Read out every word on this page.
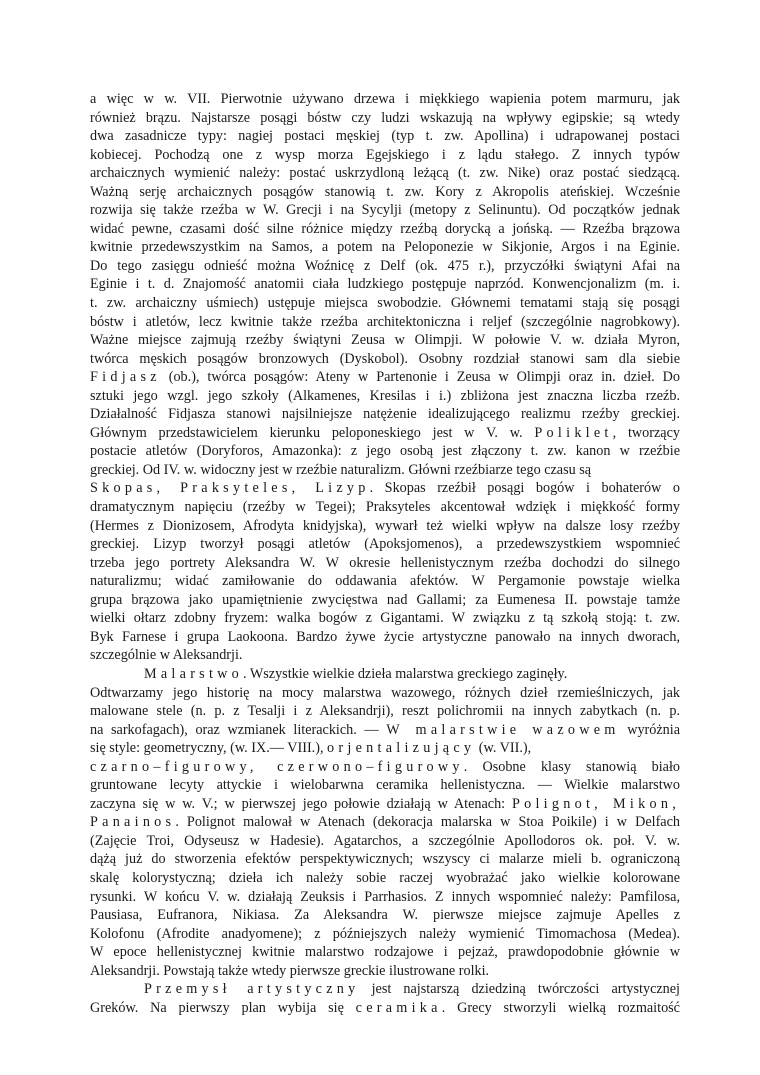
a więc w w. VII. Pierwotnie używano drzewa i miękkiego wapienia potem marmuru, jak
również brązu. Najstarsze posągi bóstw czy ludzi wskazują na wpływy egipskie; są wtedy
dwa zasadnicze typy: nagiej postaci męskiej (typ t. zw. Apollina) i udrapowanej postaci
kobiecej. Pochodzą one z wysp morza Egejskiego i z lądu stałego. Z innych typów
archaicznych wymienić należy: postać uskrzydloną leżącą (t. zw. Nike) oraz postać siedzącą.
Ważną serję archaicznych posągów stanowią t. zw. Kory z Akropolis ateńskiej. Wcześnie
rozwija się także rzeźba w W. Grecji i na Sycylji (metopy z Selinuntu). Od początków jednak
widać pewne, czasami dość silne różnice między rzeźbą dorycką a jońską. — Rzeźba brązowa
kwitnie przedewszystkim na Samos, a potem na Peloponezie w Sikjonie, Argos i na Eginie.
Do tego zasięgu odnieść można Woźnicę z Delf (ok. 475 r.), przyczółki świątyni Afai na
Eginie i t. d. Znajomość anatomii ciała ludzkiego postępuje naprzód. Konwencjonalizm (m. i.
t. zw. archaiczny uśmiech) ustępuje miejsca swobodzie. Głównemi tematami stają się posągi
bóstw i atletów, lecz kwitnie także rzeźba architektoniczna i reljef (szczególnie nagrobkowy).
Ważne miejsce zajmują rzeźby świątyni Zeusa w Olimpji. W połowie V. w. działa Myron,
twórca męskich posągów bronzowych (Dyskobol). Osobny rozdział stanowi sam dla siebie
Fidjasz (ob.), twórca posągów: Ateny w Partenonie i Zeusa w Olimpji oraz in. dzieł. Do
sztuki jego wzgl. jego szkoły (Alkamenes, Kresilas i i.) zbliżona jest znaczna liczba rzeźb.
Działalność Fidjasza stanowi najsilniejsze natężenie idealizującego realizmu rzeźby greckiej.
Głównym przedstawicielem kierunku peloponeskiego jest w V. w. Poliklet, tworzący
postacie atletów (Doryforos, Amazonka): z jego osobą jest złączony t. zw. kanon w rzeźbie
greckiej. Od IV. w. widoczny jest w rzeźbie naturalizm. Główni rzeźbiarze tego czasu są
Skopas, Praksyteles, Lizyp. Skopas rzeźbił posągi bogów i bohaterów o
dramatycznym napięciu (rzeźby w Tegei); Praksyteles akcentował wdzięk i miękkość formy
(Hermes z Dionizosem, Afrodyta knidyjska), wywarł też wielki wpływ na dalsze losy rzeźby
greckiej. Lizyp tworzył posągi atletów (Apoksjomenos), a przedewszystkiem wspomnieć
trzeba jego portrety Aleksandra W. W okresie hellenistycznym rzeźba dochodzi do silnego
naturalizmu; widać zamiłowanie do oddawania afektów. W Pergamonie powstaje wielka
grupa brązowa jako upamiętnienie zwycięstwa nad Gallami; za Eumenesa II. powstaje tamże
wielki ołtarz zdobny fryzem: walka bogów z Gigantami. W związku z tą szkołą stoją: t. zw.
Byk Farnese i grupa Laokoona. Bardzo żywe życie artystyczne panowało na innych dworach,
szczególnie w Aleksandrji.
Malarstwo. Wszystkie wielkie dzieła malarstwa greckiego zaginęły.
Odtwarzamy jego historię na mocy malarstwa wazowego, różnych dzieł rzemieślniczych, jak
malowane stele (n. p. z Tesalji i z Aleksandrji), reszt polichromii na innych zabytkach (n. p.
na sarkofagach), oraz wzmianek literackich. — W malarstwie wazowem wyróżnia
się style: geometryczny, (w. IX.— VIII.), orjentalizujący (w. VII.),
czarno–figurowy, czerwono–figurowy. Osobne klasy stanowią biało
gruntowane lecyty attyckie i wielobarwna ceramika hellenistyczna. — Wielkie malarstwo
zaczyna się w w. V.; w pierwszej jego połowie działają w Atenach: Polignot, Mikon,
Panainos. Polignot malował w Atenach (dekoracja malarska w Stoa Poikile) i w Delfach
(Zajęcie Troi, Odyseusz w Hadesie). Agatarchos, a szczególnie Apollodoros ok. poł. V. w.
dążą już do stworzenia efektów perspektywicznych; wszyscy ci malarze mieli b. ograniczoną
skalę kolorystyczną; dzieła ich należy sobie raczej wyobrażać jako wielkie kolorowane
rysunki. W końcu V. w. działają Zeuksis i Parrhasios. Z innych wspomnieć należy: Pamfilosa,
Pausiasa, Eufranora, Nikiasa. Za Aleksandra W. pierwsze miejsce zajmuje Apelles z
Kolofonu (Afrodite anadyomene); z późniejszych należy wymienić Timomachosa (Medea).
W epoce hellenistycznej kwitnie malarstwo rodzajowe i pejzaż, prawdopodobnie głównie w
Aleksandrji. Powstają także wtedy pierwsze greckie ilustrowane rolki.
Przemysł artystyczny jest najstarszą dziedziną twórczości artystycznej
Greków. Na pierwszy plan wybija się ceramika. Grecy stworzyli wielką rozmaitość
